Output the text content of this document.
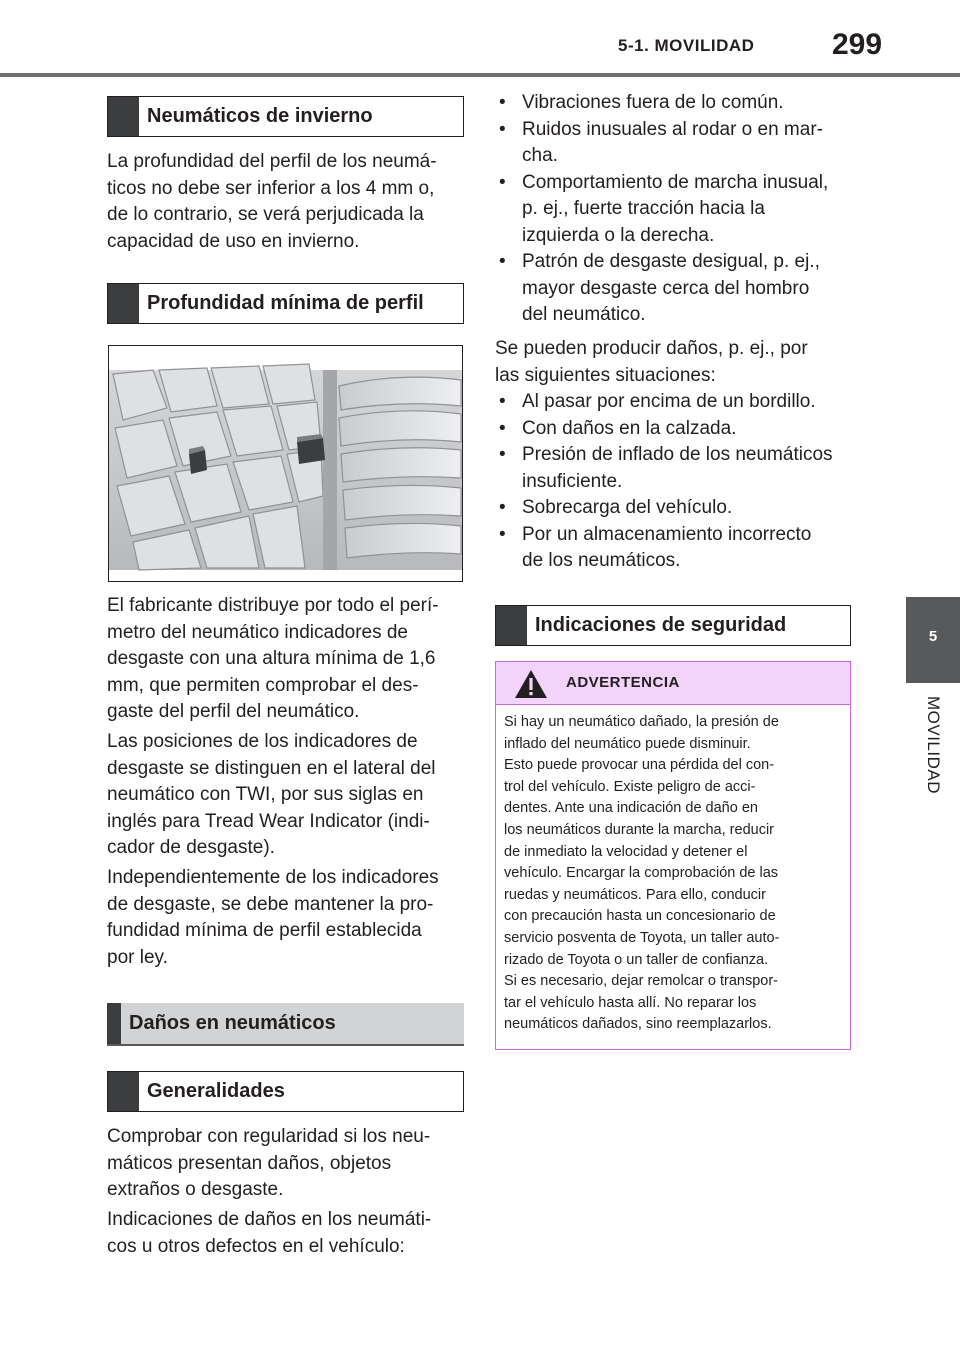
5-1. MOVILIDAD	299
5
MOVILIDAD
Neumáticos de invierno
La profundidad del perfil de los neumá-
ticos no debe ser inferior a los 4 mm o,
de lo contrario, se verá perjudicada la
capacidad de uso en invierno.
Profundidad mínima de perfil
El fabricante distribuye por todo el perí-
metro del neumático indicadores de
desgaste con una altura mínima de 1,6
mm, que permiten comprobar el des-
gaste del perfil del neumático.
Las posiciones de los indicadores de
desgaste se distinguen en el lateral del
neumático con TWI, por sus siglas en
inglés para Tread Wear Indicator (indi-
cador de desgaste).
Independientemente de los indicadores
de desgaste, se debe mantener la pro-
fundidad mínima de perfil establecida
por ley.
Daños en neumáticos
Generalidades
Comprobar con regularidad si los neu-
máticos presentan daños, objetos
extraños o desgaste.
Indicaciones de daños en los neumáti-
cos u otros defectos en el vehículo:
• Vibraciones fuera de lo común.
• Ruidos inusuales al rodar o en mar-
cha.
• Comportamiento de marcha inusual,
p. ej., fuerte tracción hacia la
izquierda o la derecha.
• Patrón de desgaste desigual, p. ej.,
mayor desgaste cerca del hombro
del neumático.
Se pueden producir daños, p. ej., por
las siguientes situaciones:
• Al pasar por encima de un bordillo.
• Con daños en la calzada.
• Presión de inflado de los neumáticos
insuficiente.
• Sobrecarga del vehículo.
• Por un almacenamiento incorrecto
de los neumáticos.
Indicaciones de seguridad
ADVERTENCIA
Si hay un neumático dañado, la presión de
inflado del neumático puede disminuir.
Esto puede provocar una pérdida del con-
trol del vehículo. Existe peligro de acci-
dentes. Ante una indicación de daño en
los neumáticos durante la marcha, reducir
de inmediato la velocidad y detener el
vehículo. Encargar la comprobación de las
ruedas y neumáticos. Para ello, conducir
con precaución hasta un concesionario de
servicio posventa de Toyota, un taller auto-
rizado de Toyota o un taller de confianza.
Si es necesario, dejar remolcar o transpor-
tar el vehículo hasta allí. No reparar los
neumáticos dañados, sino reemplazarlos.
